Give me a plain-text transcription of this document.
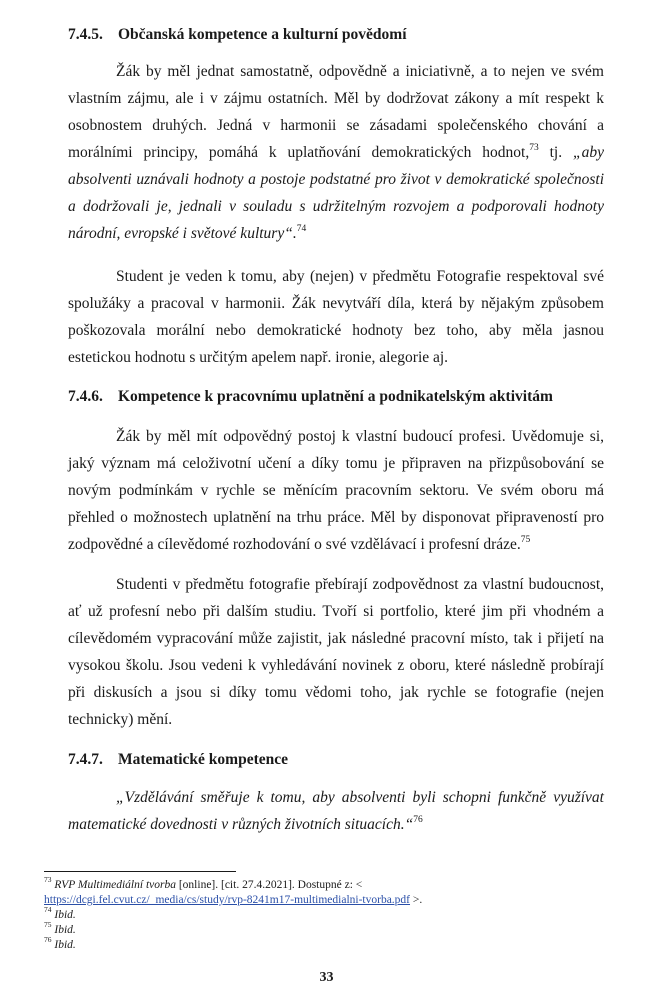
7.4.5. Občanská kompetence a kulturní povědomí

Žák by měl jednat samostatně, odpovědně a iniciativně, a to nejen ve svém vlastním zájmu, ale i v zájmu ostatních. Měl by dodržovat zákony a mít respekt k osobnostem druhých. Jedná v harmonii se zásadami společenského chování a morálními principy, pomáhá k uplatňování demokratických hodnot,$^{73}$ tj. „aby absolventi uznávali hodnoty a postoje podstatné pro život v demokratické společnosti a dodržovali je, jednali v souladu s udržitelným rozvojem a podporovali hodnoty národní, evropské i světové kultury“.$^{74}$

Student je veden k tomu, aby (nejen) v předmětu Fotografie respektoval své spolužáky a pracoval v harmonii. Žák nevytváří díla, která by nějakým způsobem poškozovala morální nebo demokratické hodnoty bez toho, aby měla jasnou estetickou hodnotu s určitým apelem např. ironie, alegorie aj.

7.4.6. Kompetence k pracovnímu uplatnění a podnikatelským aktivitám

Žák by měl mít odpovědný postoj k vlastní budoucí profesi. Uvědomuje si, jaký význam má celoživotní učení a díky tomu je připraven na přizpůsobování se novým podmínkám v rychle se měnícím pracovním sektoru. Ve svém oboru má přehled o možnostech uplatnění na trhu práce. Měl by disponovat připraveností pro zodpovědné a cílevědomé rozhodování o své vzdělávací i profesní dráze.$^{75}$

Studenti v předmětu fotografie přebírají zodpovědnost za vlastní budoucnost, ať už profesní nebo při dalším studiu. Tvoří si portfolio, které jim při vhodném a cílevědomém vypracování může zajistit, jak následné pracovní místo, tak i přijetí na vysokou školu. Jsou vedeni k vyhledávání novinek z oboru, které následně probírají při diskusích a jsou si díky tomu vědomi toho, jak rychle se fotografie (nejen technicky) mění.

7.4.7. Matematické kompetence

„Vzdělávání směřuje k tomu, aby absolventi byli schopni funkčně využívat matematické dovednosti v různých životních situacích.“$^{76}$

$^{73}$ RVP Multimediální tvorba [online]. [cit. 27.4.2021]. Dostupné z: <
https://dcgi.fel.cvut.cz/_media/cs/study/rvp-8241m17-multimedialni-tvorba.pdf >.
$^{74}$ Ibid.
$^{75}$ Ibid.
$^{76}$ Ibid.
33
